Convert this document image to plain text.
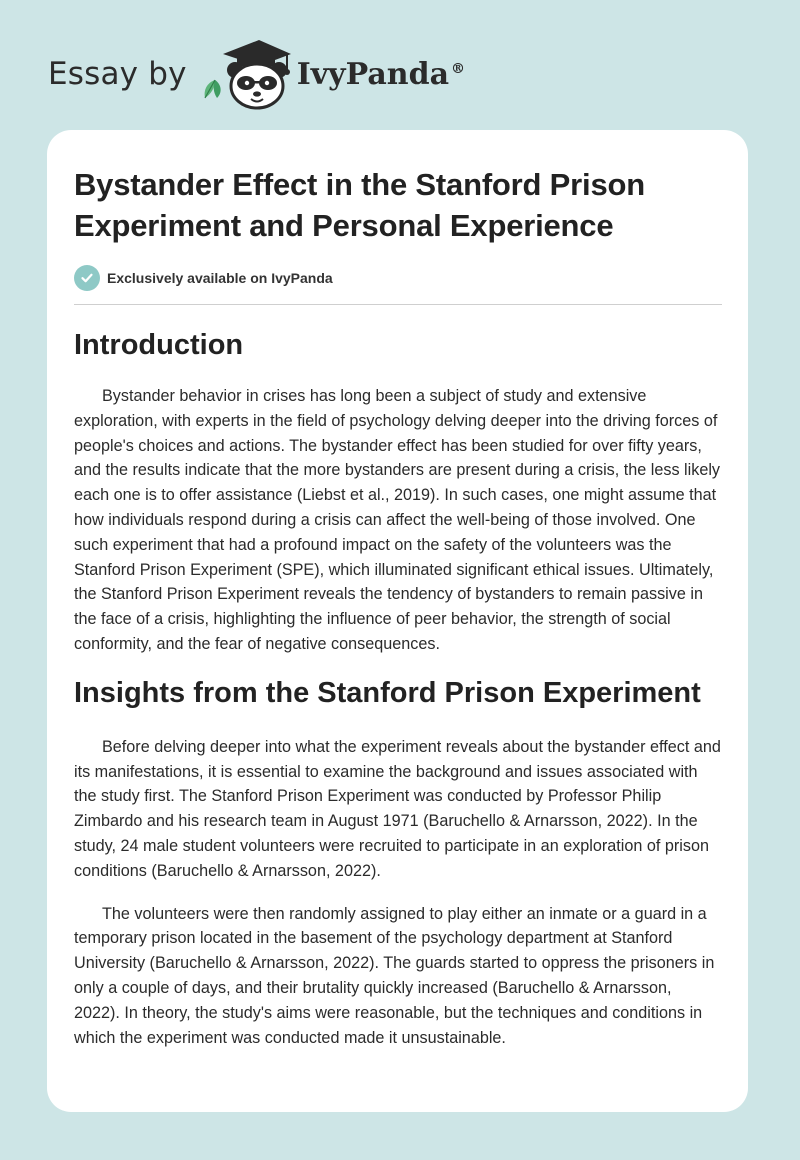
Essay by	IvyPanda ®
Bystander Effect in the Stanford Prison Experiment and Personal Experience
Exclusively available on IvyPanda
Introduction

Bystander behavior in crises has long been a subject of study and extensive exploration, with experts in the field of psychology delving deeper into the driving forces of people's choices and actions. The bystander effect has been studied for over fifty years, and the results indicate that the more bystanders are present during a crisis, the less likely each one is to offer assistance (Liebst et al., 2019). In such cases, one might assume that how individuals respond during a crisis can affect the well-being of those involved. One such experiment that had a profound impact on the safety of the volunteers was the Stanford Prison Experiment (SPE), which illuminated significant ethical issues. Ultimately, the Stanford Prison Experiment reveals the tendency of bystanders to remain passive in the face of a crisis, highlighting the influence of peer behavior, the strength of social conformity, and the fear of negative consequences.

Insights from the Stanford Prison Experiment

Before delving deeper into what the experiment reveals about the bystander effect and its manifestations, it is essential to examine the background and issues associated with the study first. The Stanford Prison Experiment was conducted by Professor Philip Zimbardo and his research team in August 1971 (Baruchello & Arnarsson, 2022). In the study, 24 male student volunteers were recruited to participate in an exploration of prison conditions (Baruchello & Arnarsson, 2022).

The volunteers were then randomly assigned to play either an inmate or a guard in a temporary prison located in the basement of the psychology department at Stanford University (Baruchello & Arnarsson, 2022). The guards started to oppress the prisoners in only a couple of days, and their brutality quickly increased (Baruchello & Arnarsson, 2022). In theory, the study's aims were reasonable, but the techniques and conditions in which the experiment was conducted made it unsustainable.
